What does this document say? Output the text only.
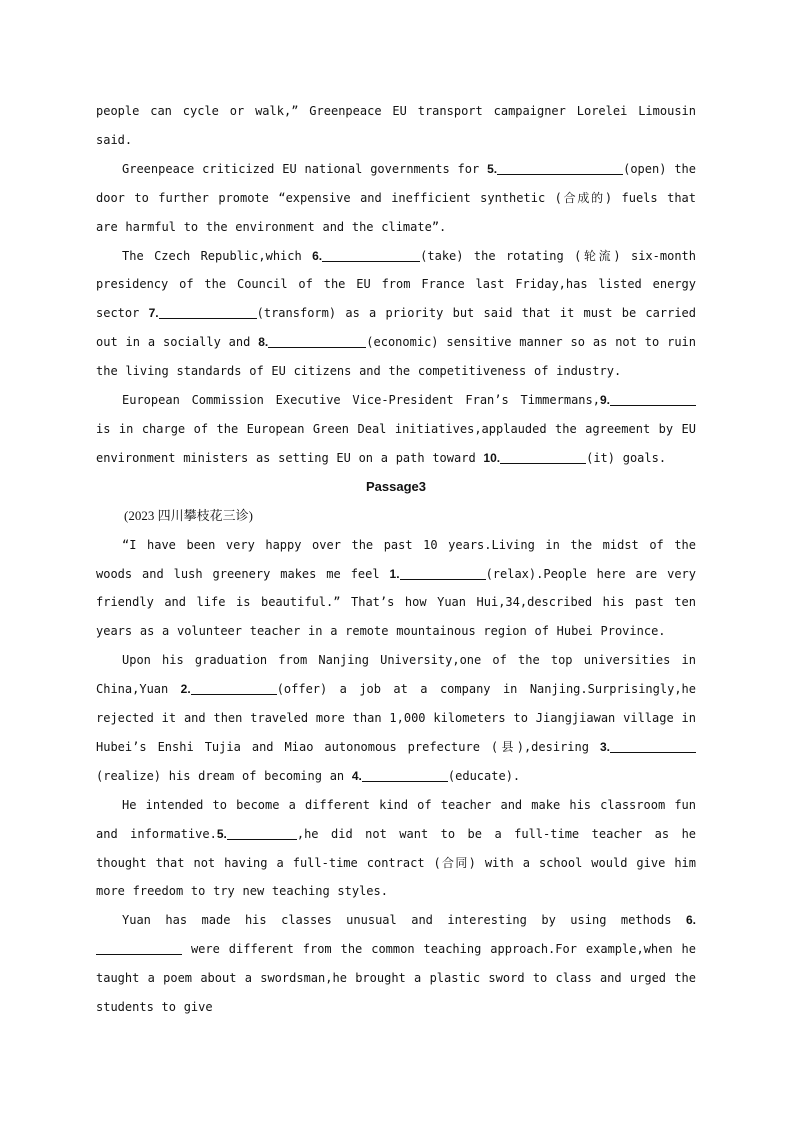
people can cycle or walk,” Greenpeace EU transport campaigner Lorelei Limousin said.

Greenpeace criticized EU national governments for 5.	(open) the door to further promote “expensive and inefficient synthetic (合成的) fuels that are harmful to the environment and the climate”.

The Czech Republic,which 6.	(take) the rotating (轮流) six-month presidency of the Council of the EU from France last Friday,has listed energy sector 7.	(transform) as a priority but said that it must be carried out in a socially and 8.	(economic) sensitive manner so as not to ruin the living standards of EU citizens and the competitiveness of industry.

European Commission Executive Vice-President Fran’s Timmermans,9. is in charge of the European Green Deal initiatives,applauded the agreement by EU environment ministers as setting EU on a path toward 10.	(it) goals.

Passage3

(2023 四川攀枝花三诊)

“I have been very happy over the past 10 years.Living in the midst of the woods and lush greenery makes me feel 1.	(relax).People here are very friendly and life is beautiful.” That’s how Yuan Hui,34,described his past ten years as a volunteer teacher in a remote mountainous region of Hubei Province.

Upon his graduation from Nanjing University,one of the top universities in China,Yuan 2.	(offer) a job at a company in Nanjing.Surprisingly,he rejected it and then traveled more than 1,000 kilometers to Jiangjiawan village in Hubei’s Enshi Tujia and Miao autonomous prefecture (县),desiring 3. (realize) his dream of becoming an 4.	(educate).

He intended to become a different kind of teacher and make his classroom fun and informative.5.	,he did not want to be a full-time teacher as he thought that not having a full-time contract (合同) with a school would give him more freedom to try new teaching styles.

Yuan has made his classes unusual and interesting by using methods 6. were different from the common teaching approach.For example,when he taught a poem about a swordsman,he brought a plastic sword to class and urged the students to give
